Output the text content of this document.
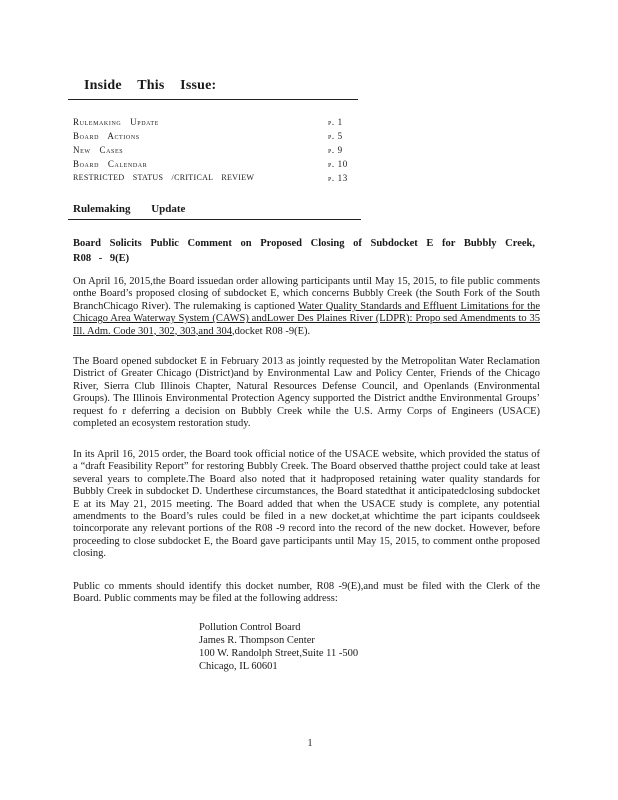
Inside This Issue:
Rulemaking Update	p. 1
Board Actions	p. 5
New Cases	p. 9
Board Calendar	p. 10
RESTRICTED STATUS /CRITICAL REVIEW	p. 13
Rulemaking Update
Board Solicits Public Comment on Proposed Closing of Subdocket E for Bubbly Creek, R08 - 9(E)
On April 16, 2015,the Board issuedan order allowing participants until May 15, 2015, to file public comments onthe Board’s proposed closing of subdocket E, which concerns Bubbly Creek (the South Fork of the South BranchChicago River). The rulemaking is captioned Water Quality Standards and Effluent Limitations for the Chicago Area Waterway System (CAWS) andLower Des Plaines River (LDPR): Propo sed Amendments to 35 Ill. Adm. Code 301, 302, 303,and 304,docket R08 -9(E).
The Board opened subdocket E in February 2013 as jointly requested by the Metropolitan Water Reclamation District of Greater Chicago (District)and by Environmental Law and Policy Center, Friends of the Chicago River, Sierra Club Illinois Chapter, Natural Resources Defense Council, and Openlands (Environmental Groups). The Illinois Environmental Protection Agency supported the District andthe Environmental Groups’ request fo r deferring a decision on Bubbly Creek while the U.S. Army Corps of Engineers (USACE) completed an ecosystem restoration study.
In its April 16, 2015 order, the Board took official notice of the USACE website, which provided the status of a “draft Feasibility Report” for restoring Bubbly Creek. The Board observed thatthe project could take at least several years to complete.The Board also noted that it hadproposed retaining water quality standards for Bubbly Creek in subdocket D. Underthese circumstances, the Board statedthat it anticipatedclosing subdocket E at its May 21, 2015 meeting. The Board added that when the USACE study is complete, any potential amendments to the Board’s rules could be filed in a new docket,at whichtime the part icipants couldseek toincorporate any relevant portions of the R08 -9 record into the record of the new docket. However, before proceeding to close subdocket E, the Board gave participants until May 15, 2015, to comment onthe proposed closing.
Public co mments should identify this docket number, R08 -9(E),and must be filed with the Clerk of the Board. Public comments may be filed at the following address:
Pollution Control Board
James R. Thompson Center
100 W. Randolph Street,Suite 11 -500
Chicago, IL 60601
1
